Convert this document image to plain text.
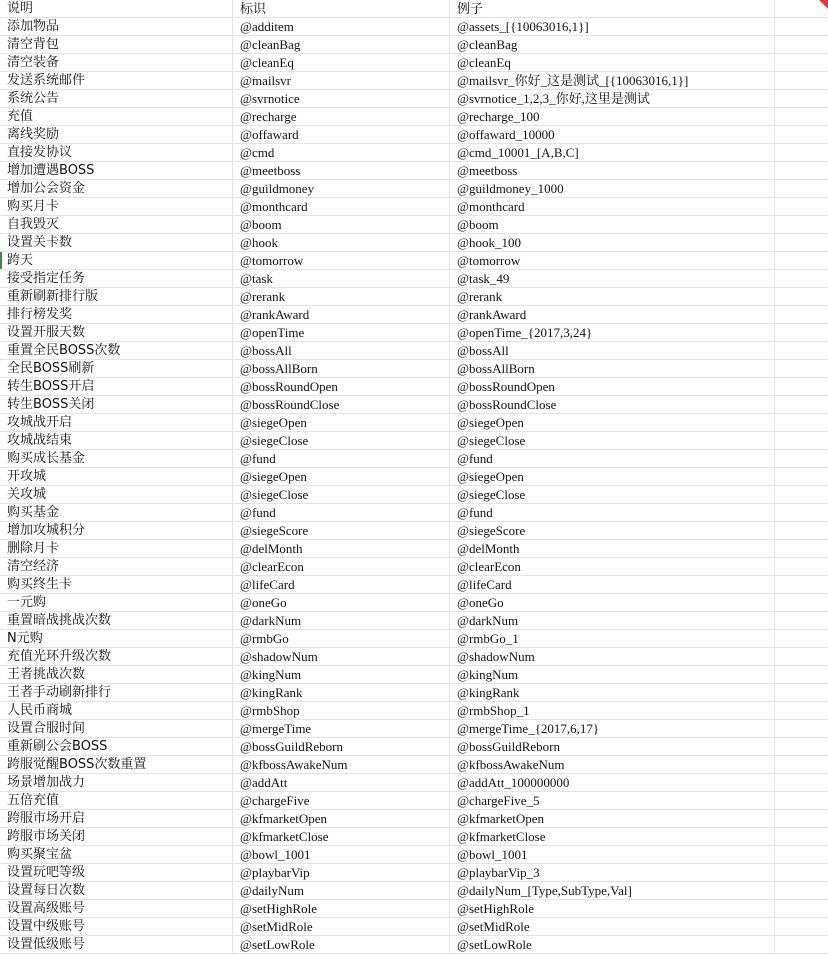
说明	标识	例子
添加物品	@additem	@assets_[{10063016,1}]
清空背包	@cleanBag	@cleanBag
清空装备	@cleanEq	@cleanEq
发送系统邮件	@mailsvr	@mailsvr_你好_这是测试_[{10063016,1}]
系统公告	@svrnotice	@svrnotice_1,2,3_你好,这里是测试
充值	@recharge	@recharge_100
离线奖励	@offaward	@offaward_10000
直接发协议	@cmd	@cmd_10001_[A,B,C]
增加遭遇BOSS	@meetboss	@meetboss
增加公会资金	@guildmoney	@guildmoney_1000
购买月卡	@monthcard	@monthcard
自我毁灭	@boom	@boom
设置关卡数	@hook	@hook_100
跨天	@tomorrow	@tomorrow
接受指定任务	@task	@task_49
重新刷新排行版	@rerank	@rerank
排行榜发奖	@rankAward	@rankAward
设置开服天数	@openTime	@openTime_{2017,3,24}
重置全民BOSS次数	@bossAll	@bossAll
全民BOSS刷新	@bossAllBorn	@bossAllBorn
转生BOSS开启	@bossRoundOpen	@bossRoundOpen
转生BOSS关闭	@bossRoundClose	@bossRoundClose
攻城战开启	@siegeOpen	@siegeOpen
攻城战结束	@siegeClose	@siegeClose
购买成长基金	@fund	@fund
开攻城	@siegeOpen	@siegeOpen
关攻城	@siegeClose	@siegeClose
购买基金	@fund	@fund
增加攻城积分	@siegeScore	@siegeScore
删除月卡	@delMonth	@delMonth
清空经济	@clearEcon	@clearEcon
购买终生卡	@lifeCard	@lifeCard
一元购	@oneGo	@oneGo
重置暗战挑战次数	@darkNum	@darkNum
N元购	@rmbGo	@rmbGo_1
充值光环升级次数	@shadowNum	@shadowNum
王者挑战次数	@kingNum	@kingNum
王者手动刷新排行	@kingRank	@kingRank
人民币商城	@rmbShop	@rmbShop_1
设置合服时间	@mergeTime	@mergeTime_{2017,6,17}
重新刷公会BOSS	@bossGuildReborn	@bossGuildReborn
跨服觉醒BOSS次数重置	@kfbossAwakeNum	@kfbossAwakeNum
场景增加战力	@addAtt	@addAtt_100000000
五倍充值	@chargeFive	@chargeFive_5
跨服市场开启	@kfmarketOpen	@kfmarketOpen
跨服市场关闭	@kfmarketClose	@kfmarketClose
购买聚宝盆	@bowl_1001	@bowl_1001
设置玩吧等级	@playbarVip	@playbarVip_3
设置每日次数	@dailyNum	@dailyNum_[Type,SubType,Val]
设置高级账号	@setHighRole	@setHighRole
设置中级账号	@setMidRole	@setMidRole
设置低级账号	@setLowRole	@setLowRole
